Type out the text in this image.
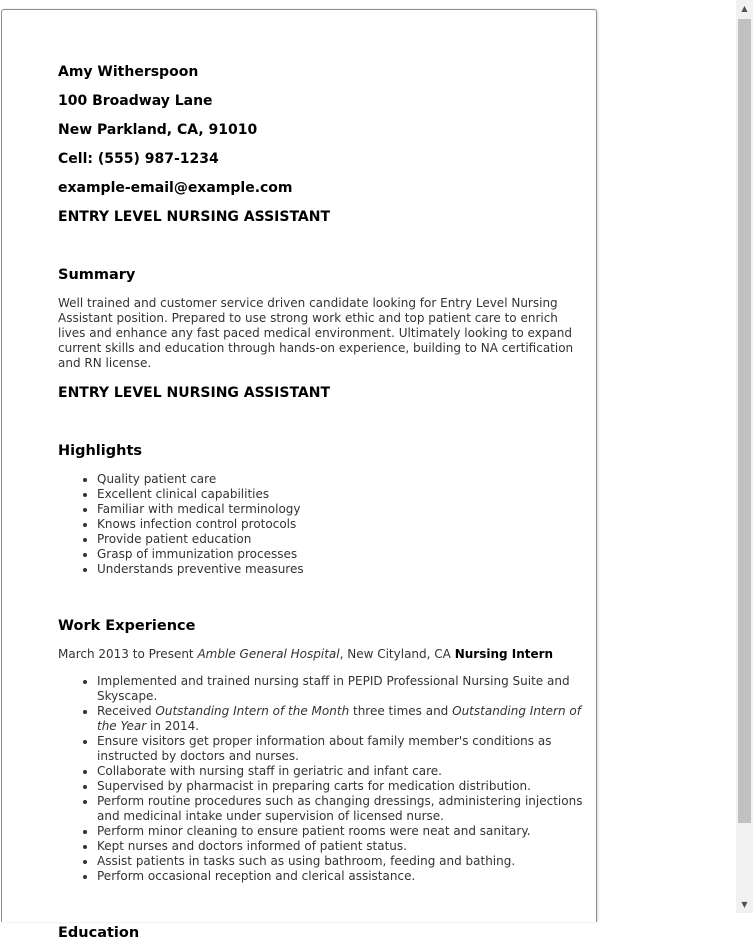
Amy Witherspoon
100 Broadway Lane
New Parkland, CA, 91010
Cell: (555) 987-1234
example-email@example.com
ENTRY LEVEL NURSING ASSISTANT
Summary
Well trained and customer service driven candidate looking for Entry Level Nursing Assistant position. Prepared to use strong work ethic and top patient care to enrich lives and enhance any fast paced medical environment. Ultimately looking to expand current skills and education through hands-on experience, building to NA certification and RN license.
ENTRY LEVEL NURSING ASSISTANT
Highlights
• Quality patient care
• Excellent clinical capabilities
• Familiar with medical terminology
• Knows infection control protocols
• Provide patient education
• Grasp of immunization processes
• Understands preventive measures
Work Experience
March 2013 to Present Amble General Hospital, New Cityland, CA Nursing Intern
• Implemented and trained nursing staff in PEPID Professional Nursing Suite and Skyscape.
• Received Outstanding Intern of the Month three times and Outstanding Intern of the Year in 2014.
• Ensure visitors get proper information about family member's conditions as instructed by doctors and nurses.
• Collaborate with nursing staff in geriatric and infant care.
• Supervised by pharmacist in preparing carts for medication distribution.
• Perform routine procedures such as changing dressings, administering injections and medicinal intake under supervision of licensed nurse.
• Perform minor cleaning to ensure patient rooms were neat and sanitary.
• Kept nurses and doctors informed of patient status.
• Assist patients in tasks such as using bathroom, feeding and bathing.
• Perform occasional reception and clerical assistance.
Education
▲
▼
